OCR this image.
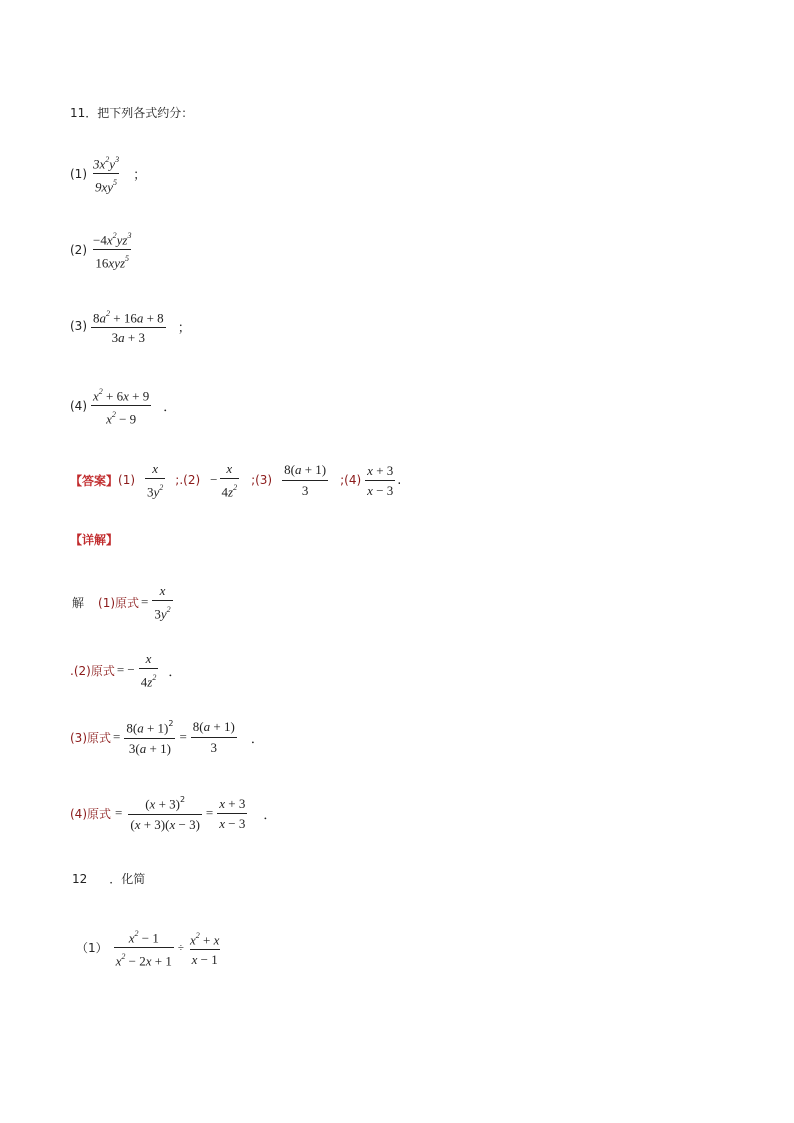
11．把下列各式约分：
$(1) \frac{3x^2y^3}{9xy^5}$ ；
$(2) \frac{-4x^2yz^3}{16xyz^5}$
$(3) \frac{8a^2 + 16a + 8}{3a + 3}$ ；
$(4) \frac{x^2 + 6x + 9}{x^2 - 9}$ ．
【答案】 $(1) \frac{x}{3y^2}$ ;.(2) − $\frac{x}{4z^2}$ ;(3) $\frac{8(a + 1)}{3}$ ;(4) $\frac{x + 3}{x - 3}$ .
【详解】
解 (1)原式 = $\frac{x}{3y^2}$
.(2)原式 = − $\frac{x}{4z^2}$ ．
(3)原式 = $\frac{8(a + 1)^2}{3(a + 1)} = \frac{8(a + 1)}{3}$ ．
(4)原式 = $\frac{(x + 3)^2}{(x + 3)(x - 3)} = \frac{x + 3}{x - 3}$ ．
12 ．化简
$(1) \frac{x^2 - 1}{x^2 - 2x + 1} \div \frac{x^2 + x}{x - 1}$
